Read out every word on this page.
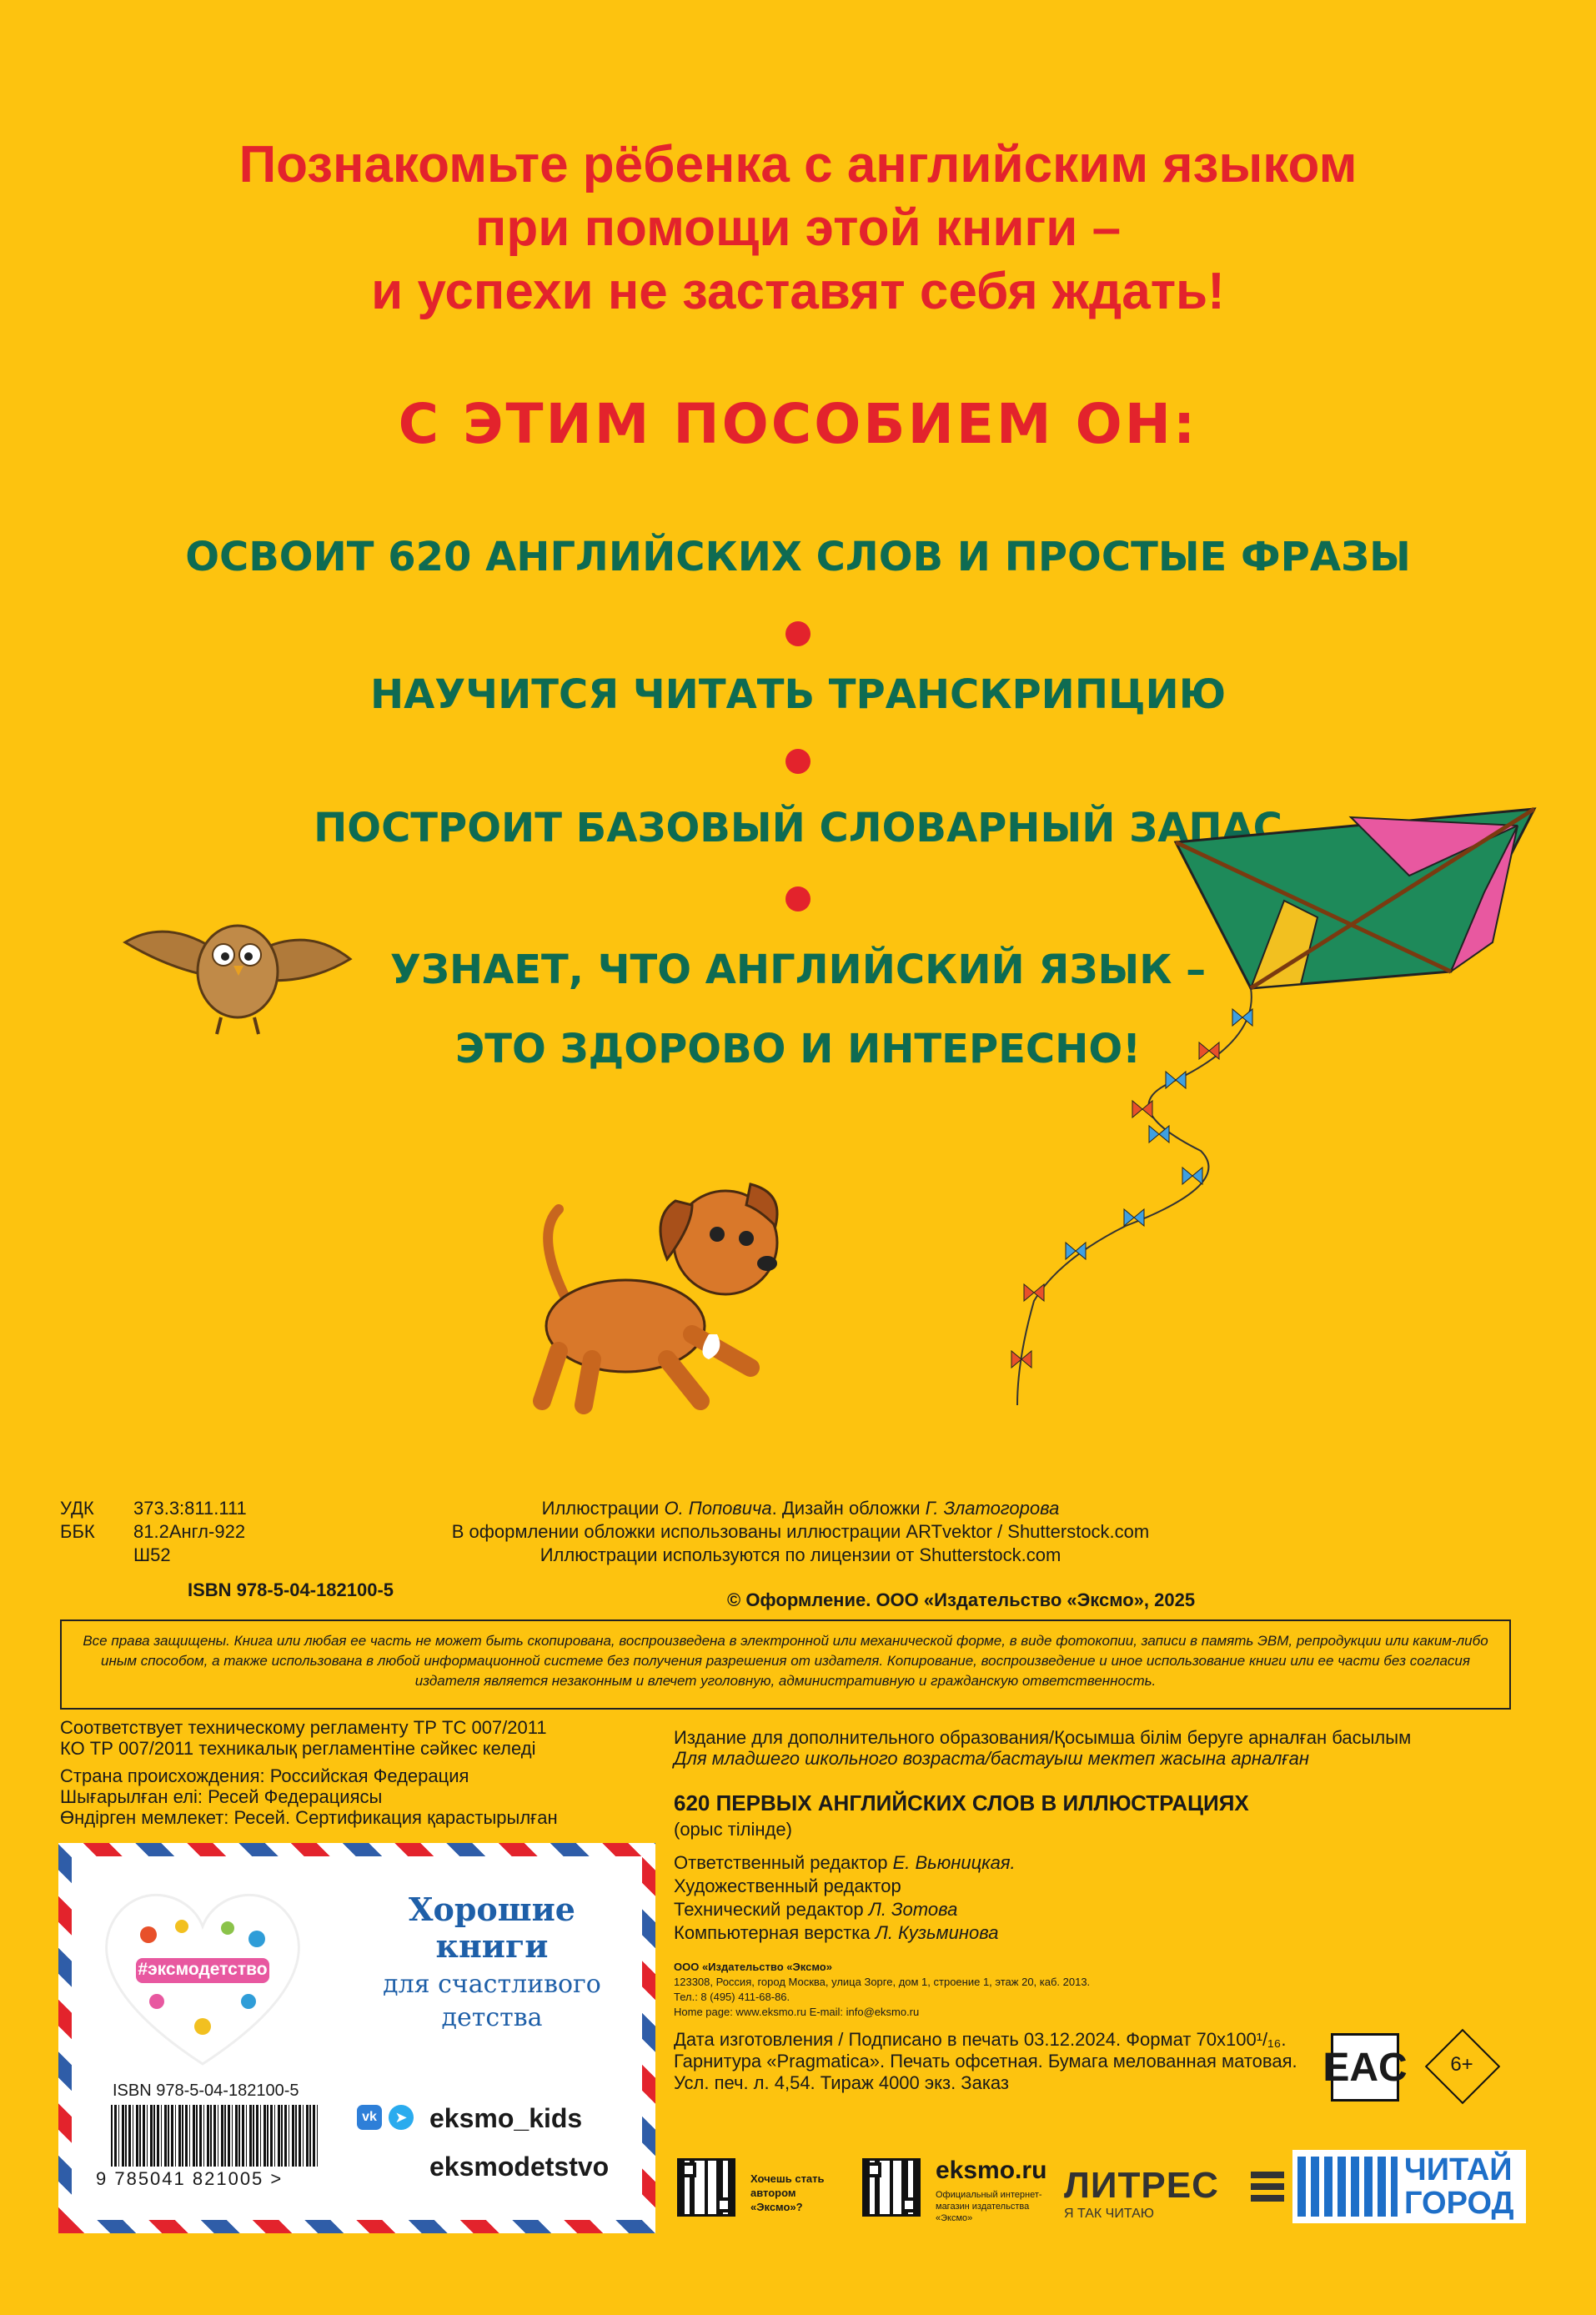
Познакомьте рёбенка с английским языком
при помощи этой книги –
и успехи не заставят себя ждать!
С ЭТИМ ПОСОБИЕМ ОН:
ОСВОИТ 620 АНГЛИЙСКИХ СЛОВ И ПРОСТЫЕ ФРАЗЫ
НАУЧИТСЯ ЧИТАТЬ ТРАНСКРИПЦИЮ
ПОСТРОИТ БАЗОВЫЙ СЛОВАРНЫЙ ЗАПАС
УЗНАЕТ, ЧТО АНГЛИЙСКИЙ ЯЗЫК –
ЭТО ЗДОРОВО И ИНТЕРЕСНО!
УДК 373.3:811.111
ББК 81.2Англ-922
Ш52
ISBN 978-5-04-182100-5
Иллюстрации О. Поповича. Дизайн обложки Г. Златогорова
В оформлении обложки использованы иллюстрации ARTvektor / Shutterstock.com
Иллюстрации используются по лицензии от Shutterstock.com
© Оформление. ООО «Издательство «Эксмо», 2025
Все права защищены. Книга или любая ее часть не может быть скопирована, воспроизведена в электронной или механической форме, в виде фотокопии, записи в память ЭВМ, репродукции или каким-либо иным способом, а также использована в любой информационной системе без получения разрешения от издателя. Копирование, воспроизведение и иное использование книги или ее части без согласия издателя является незаконным и влечет уголовную, административную и гражданскую ответственность.
Соответствует техническому регламенту ТР ТС 007/2011
КО ТР 007/2011 техникалық регламентіне сәйкес келеді
Страна происхождения: Российская Федерация
Шығарылған елі: Ресей Федерациясы
Өндірген мемлекет: Ресей. Сертификация қарастырылған
Издание для дополнительного образования/Қосымша білім беруге арналған басылым
Для младшего школьного возраста/бастауыш мектеп жасына арналған
620 ПЕРВЫХ АНГЛИЙСКИХ СЛОВ В ИЛЛЮСТРАЦИЯХ
(орыс тілінде)
Ответственный редактор Е. Вьюницкая.
Художественный редактор
Технический редактор Л. Зотова
Компьютерная верстка Л. Кузьминова
ООО «Издательство «Эксмо»
123308, Россия, город Москва, улица Зорге, дом 1, строение 1, этаж 20, каб. 2013.
Тел.: 8 (495) 411-68-86.
Home page: www.eksmo.ru E-mail: info@eksmo.ru
Дата изготовления / Подписано в печать 03.12.2024. Формат 70x100¹/₁₆.
Гарнитура «Pragmatica». Печать офсетная. Бумага мелованная матовая.
Усл. печ. л. 4,54. Тираж 4000 экз. Заказ	EAC	6+
#эксмодетство
Хорошие
книги
для счастливого
детства
ISBN 978-5-04-182100-5
9 785041 821005 >
vk	➤ eksmo_kids
eksmodetstvo	Хочешь стать автором «Эксмо»?
eksmo.ru
Официальный интернет-магазин издательства «Эксмо»
ЛИТРЕС
Я ТАК ЧИТАЮ
ЧИТАЙ
ГОРОД
